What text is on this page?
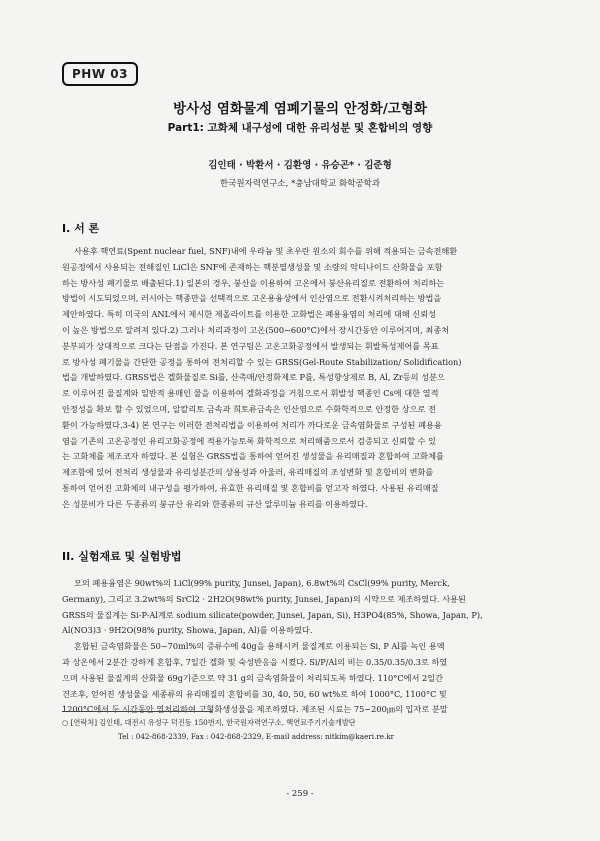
PHW 03
방사성 염화물계 염폐기물의 안정화/고형화
Part1: 고화체 내구성에 대한 유리성분 및 혼합비의 영향
김인태 · 박환서 · 김환영 · 유승곤* · 김준형
한국원자력연구소, *충남대학교 화학공학과
I. 서 론
사용후 핵연료(Spent nuclear fuel, SNF)내에 우라늄 및 초우란 원소의 회수를 위해 적용되는 금속전해환
원공정에서 사용되는 전해질인 LiCl은 SNF에 존재하는 핵분열생성물 및 소량의 악티나이드 산화물을 포함
하는 방사성 폐기물로 배출된다.1) 일본의 경우, 붕산을 이용하여 고온에서 붕산유리질로 전환하여 처리하는
방법이 시도되었으며, 러시아는 핵종만을 선택적으로 고온용융상에서 인산염으로 전환시켜처리하는 방법을
제안하였다. 특히 미국의 ANL에서 제시한 제올라이트를 이용한 고화법은 폐용융염의 처리에 대해 신뢰성
이 높은 방법으로 알려져 있다.2) 그러나 처리과정이 고온(500~600°C)에서 장시간동안 이루어지며, 최종처
분부피가 상대적으로 크다는 단점을 가진다. 본 연구팀은 고온고화공정에서 발생되는 휘발특성제어를 목표
로 방사성 폐기물을 간단한 공정을 통하여 전처리할 수 있는 GRSS(Gel-Route Stabilization/ Solidification)
법을 개발하였다. GRSS법은 겔화물질로 Si를, 산촉매/안정화제로 P를, 특성향상제로 B, Al, Zr등의 성분으
로 이루어진 물질계와 일반적 용매인 물을 이용하여 겔화과정을 거침으로서 휘발성 핵종인 Cs에 대한 열적
안정성을 확보 할 수 있었으며, 알칼리토 금속과 희토류금속은 인산염으로 수화학적으로 안정한 상으로 전
환이 가능하였다.3-4) 본 연구는 이러한 전처리법을 이용하여 처리가 까다로운 금속염화물로 구성된 폐용융
염을 기존의 고온공정인 유리고화공정에 적용가능토록 화학적으로 처리해줌으로서 검증되고 신뢰할 수 있
는 고화체를 제조코자 하였다. 본 실험은 GRSS법을 통하여 얻어진 생성물을 유리매질과 혼합하여 고화체를
제조함에 있어 전처리 생성물과 유리성분간의 상용성과 아울러, 유리매질의 조성변화 및 혼합비의 변화를
통하여 얻어진 고화체의 내구성을 평가하여, 유효한 유리매질 및 혼합비를 얻고자 하였다. 사용된 유리매질
은 성분비가 다른 두종류의 붕규산 유리와 한종류의 규산 알루미늄 유리를 이용하였다.
II. 실험재료 및 실험방법
모의 폐용융염은 90wt%의 LiCl(99% purity, Junsei, Japan), 6.8wt%의 CsCl(99% purity, Merck,
Germany), 그리고 3.2wt%의 SrCl2 · 2H2O(98wt% purity, Junsei, Japan)의 시약으로 제조하였다. 사용된
GRSS의 물질계는 Si-P-Al계로 sodium silicate(powder, Junsei, Japan, Si), H3PO4(85%, Showa, Japan, P),
Al(NO3)3 · 9H2O(98% purity, Showa, Japan, Al)를 이용하였다.
혼합된 금속염화물은 50~70ml%의 증류수에 40g을 용해시켜 물질계로 이용되는 Si, P Al를 녹인 용액
과 상온에서 2분간 강하게 혼합후, 7일간 겔화 및 숙성반응을 시켰다. Si/P/Al의 비는 0.35/0.35/0.3로 하였
으며 사용된 물질계의 산화물 69g기준으로 약 31 g의 금속염화물이 처리되도록 하였다. 110°C에서 2일간
건조후, 얻어진 생성물을 세종류의 유리매질의 혼합비를 30, 40, 50, 60 wt%로 하여 1000°C, 1100°C 및
1200°C에서 두 시간동안 열처리하여 고형화생성물을 제조하였다. 제조된 시료는 75~200㎛의 입자로 분말
○ [연락처] 김인태, 대전시 유성구 덕진동 150번지, 한국원자력연구소, 핵연료주기기술개발단
Tel : 042-868-2339, Fax : 042-868-2329, E-mail address: nitkim@kaeri.re.kr
- 259 -
